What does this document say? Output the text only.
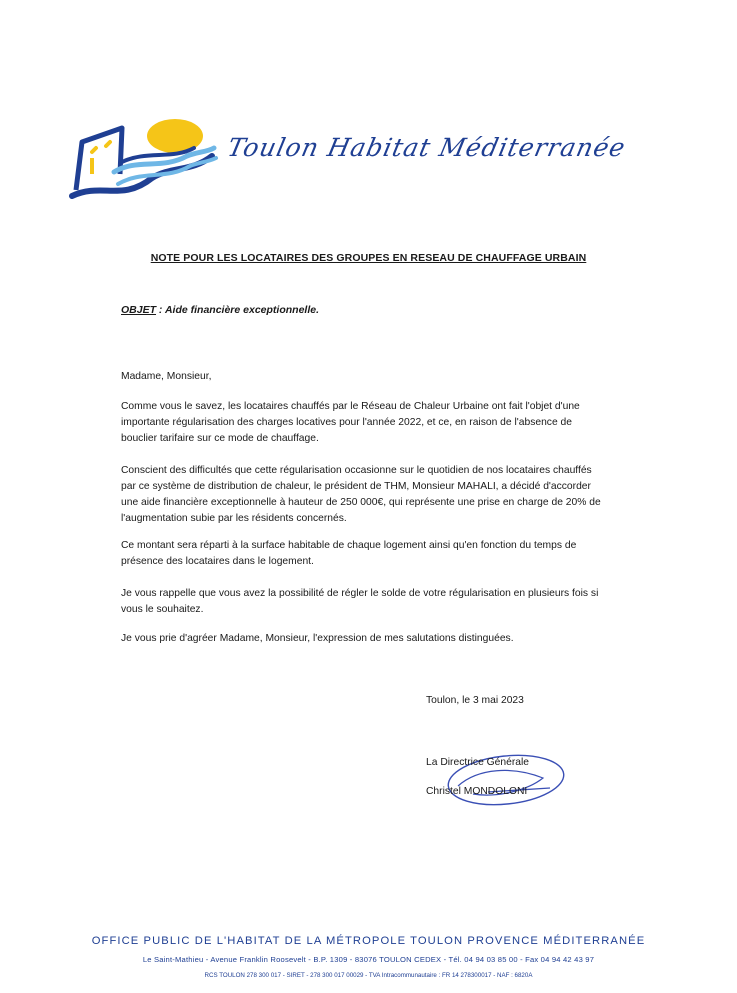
Toulon Habitat Méditerranée
NOTE POUR LES LOCATAIRES DES GROUPES EN RESEAU DE CHAUFFAGE URBAIN
OBJET : Aide financière exceptionnelle.
Madame, Monsieur,
Comme vous le savez, les locataires chauffés par le Réseau de Chaleur Urbaine ont fait l'objet d'une importante régularisation des charges locatives pour l'année 2022, et ce, en raison de l'absence de bouclier tarifaire sur ce mode de chauffage.
Conscient des difficultés que cette régularisation occasionne sur le quotidien de nos locataires chauffés par ce système de distribution de chaleur, le président de THM, Monsieur MAHALI, a décidé d'accorder une aide financière exceptionnelle à hauteur de 250 000€, qui représente une prise en charge de 20% de l'augmentation subie par les résidents concernés.
Ce montant sera réparti à la surface habitable de chaque logement ainsi qu'en fonction du temps de présence des locataires dans le logement.
Je vous rappelle que vous avez la possibilité de régler le solde de votre régularisation en plusieurs fois si vous le souhaitez.
Je vous prie d'agréer Madame, Monsieur, l'expression de mes salutations distinguées.
Toulon, le 3 mai 2023
La Directrice Générale
Christel MONDOLONI
OFFICE PUBLIC DE L'HABITAT DE LA MÉTROPOLE TOULON PROVENCE MÉDITERRANÉE
Le Saint-Mathieu - Avenue Franklin Roosevelt - B.P. 1309 - 83076 TOULON CEDEX - Tél. 04 94 03 85 00 - Fax 04 94 42 43 97
RCS TOULON 278 300 017 - SIRET - 278 300 017 00029 - TVA Intracommunautaire : FR 14 278300017 - NAF : 6820A
